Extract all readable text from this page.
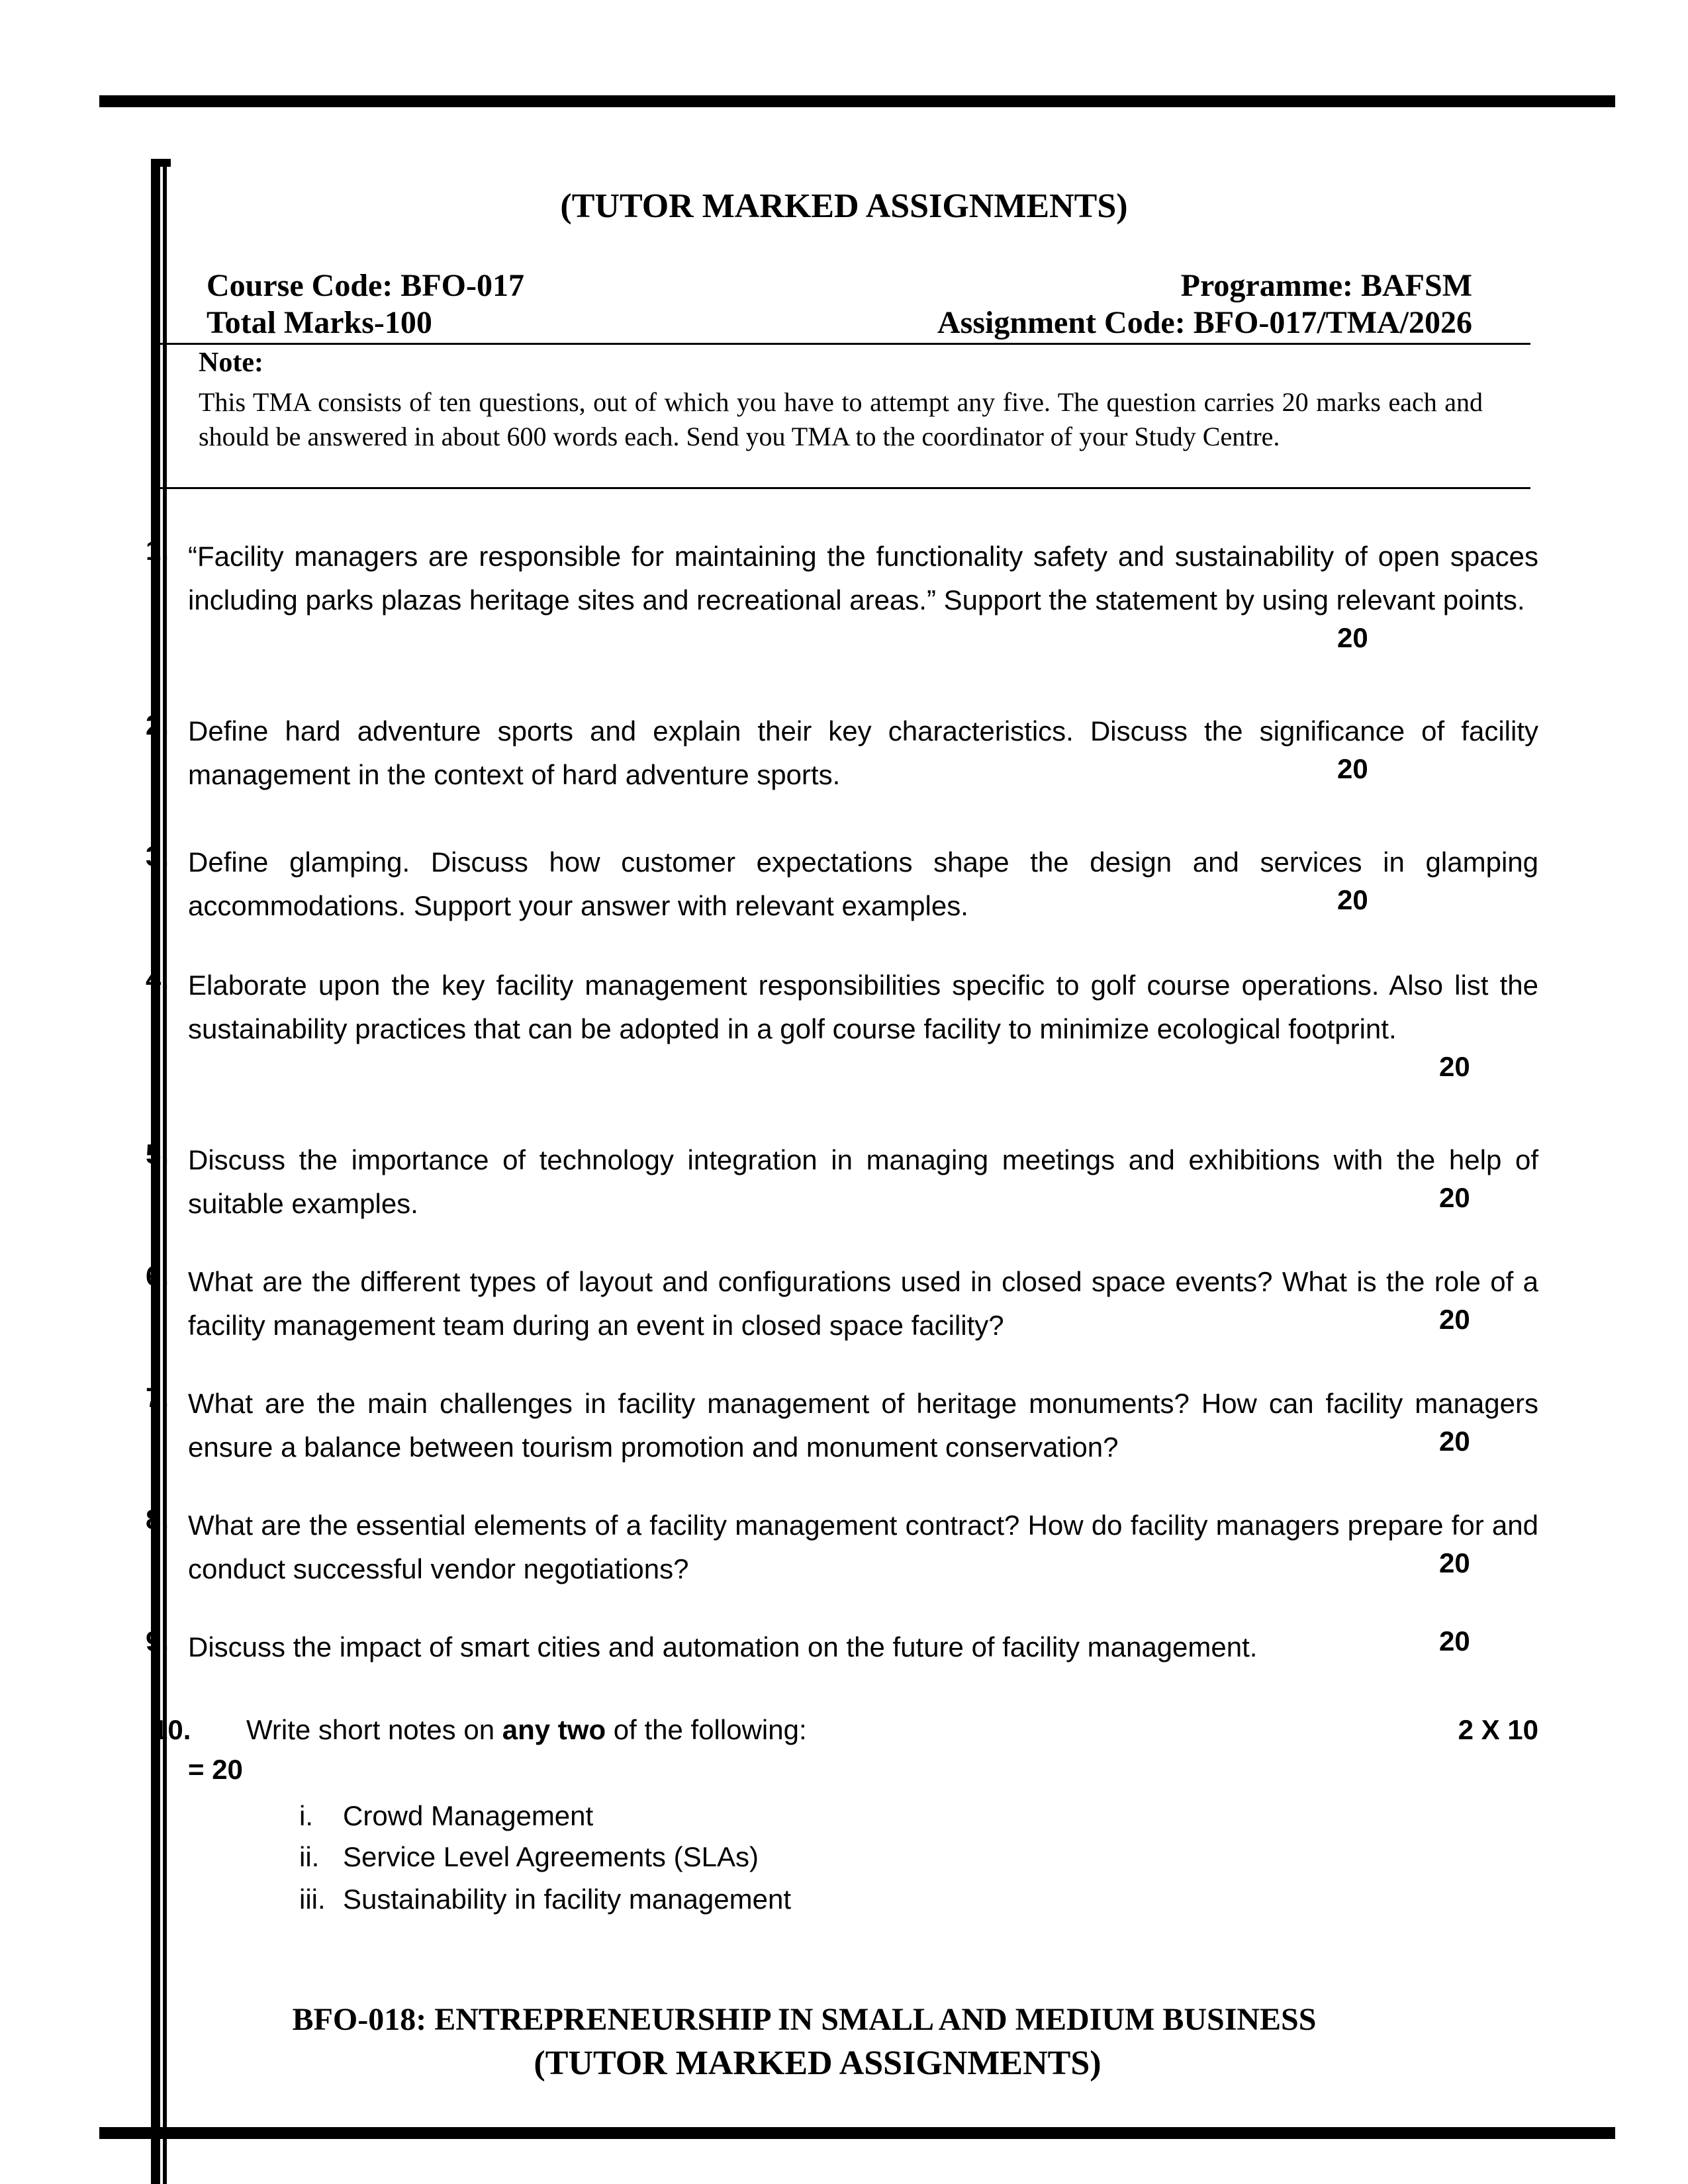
(TUTOR MARKED ASSIGNMENTS)
Course Code: BFO-017
Total Marks-100
Programme: BAFSM
Assignment Code: BFO-017/TMA/2026
Note:
This TMA consists of ten questions, out of which you have to attempt any five. The question carries 20 marks each and should be answered in about 600 words each. Send you TMA to the coordinator of your Study Centre.
1. “Facility managers are responsible for maintaining the functionality safety and sustainability of open spaces including parks plazas heritage sites and recreational areas.” Support the statement by using relevant points.
20
2. Define hard adventure sports and explain their key characteristics. Discuss the significance of facility management in the context of hard adventure sports.	20
3. Define glamping. Discuss how customer expectations shape the design and services in glamping accommodations. Support your answer with relevant examples.	20
4. Elaborate upon the key facility management responsibilities specific to golf course operations. Also list the sustainability practices that can be adopted in a golf course facility to minimize ecological footprint.
20
5. Discuss the importance of technology integration in managing meetings and exhibitions with the help of suitable examples.	20
6. What are the different types of layout and configurations used in closed space events? What is the role of a facility management team during an event in closed space facility?	20
7. What are the main challenges in facility management of heritage monuments? How can facility managers ensure a balance between tourism promotion and monument conservation?	20
8. What are the essential elements of a facility management contract? How do facility managers prepare for and conduct successful vendor negotiations?	20
9. Discuss the impact of smart cities and automation on the future of facility management.	20
10. Write short notes on any two of the following:	2 X 10
= 20
i. Crowd Management
ii. Service Level Agreements (SLAs)
iii. Sustainability in facility management
BFO-018: ENTREPRENEURSHIP IN SMALL AND MEDIUM BUSINESS
(TUTOR MARKED ASSIGNMENTS)
